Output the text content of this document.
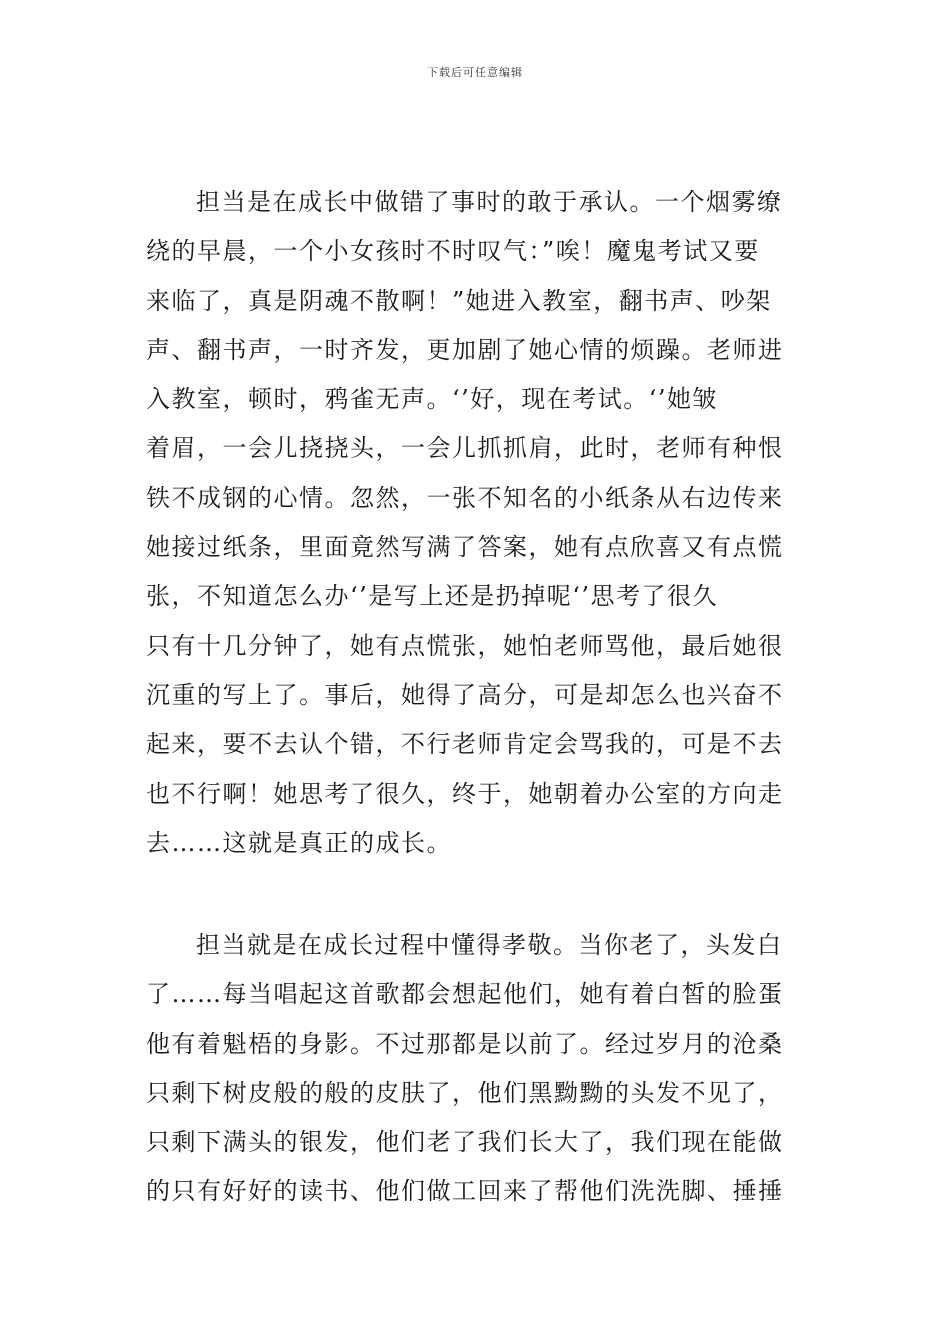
下载后可任意编辑
担当是在成长中做错了事时的敢于承认。一个烟雾缭
绕的早晨，一个小女孩时不时叹气：”唉！魔鬼考试又要
来临了，真是阴魂不散啊！”她进入教室，翻书声、吵架
声、翻书声，一时齐发，更加剧了她心情的烦躁。老师进
入教室，顿时，鸦雀无声。‘’好，现在考试。‘’她皱
着眉，一会儿挠挠头，一会儿抓抓肩，此时，老师有种恨
铁不成钢的心情。忽然，一张不知名的小纸条从右边传来
她接过纸条，里面竟然写满了答案，她有点欣喜又有点慌
张，不知道怎么办‘’是写上还是扔掉呢‘’思考了很久
只有十几分钟了，她有点慌张，她怕老师骂他，最后她很
沉重的写上了。事后，她得了高分，可是却怎么也兴奋不
起来，要不去认个错，不行老师肯定会骂我的，可是不去
也不行啊！她思考了很久，终于，她朝着办公室的方向走
去……这就是真正的成长。
担当就是在成长过程中懂得孝敬。当你老了，头发白
了……每当唱起这首歌都会想起他们，她有着白皙的脸蛋
他有着魁梧的身影。不过那都是以前了。经过岁月的沧桑
只剩下树皮般的般的皮肤了，他们黑黝黝的头发不见了，
只剩下满头的银发，他们老了我们长大了，我们现在能做
的只有好好的读书、他们做工回来了帮他们洗洗脚、捶捶
